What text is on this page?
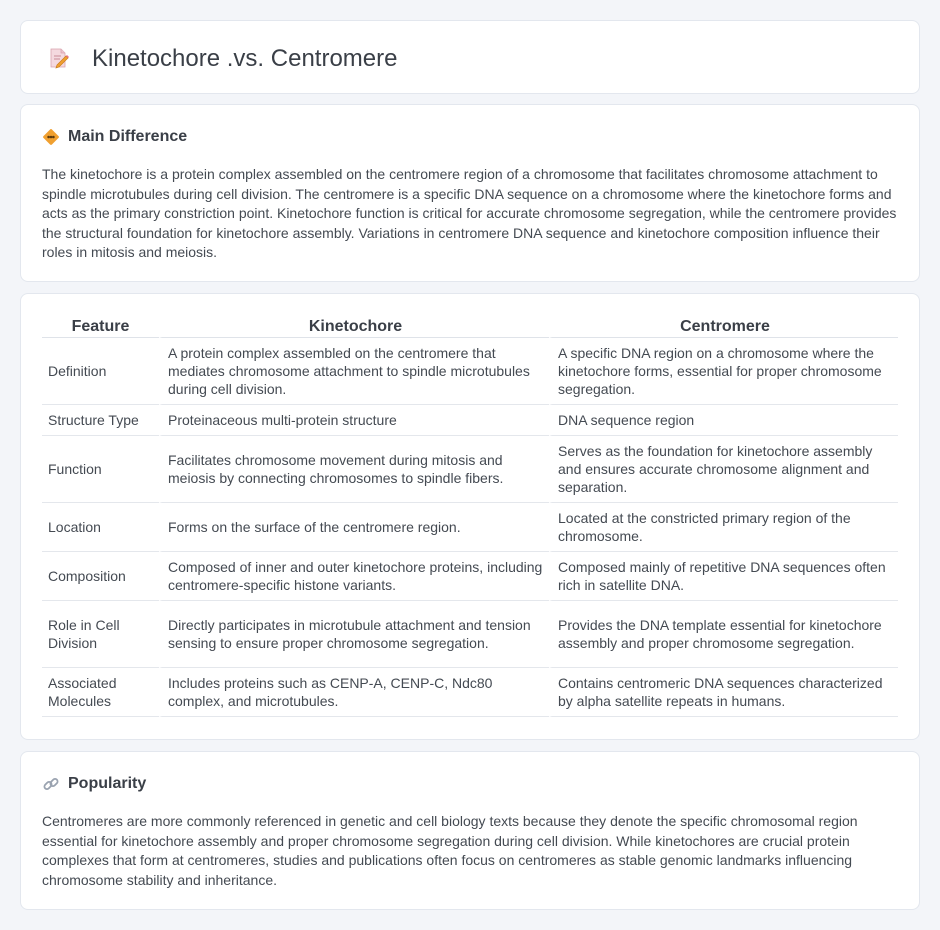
Kinetochore .vs. Centromere
Main Difference

The kinetochore is a protein complex assembled on the centromere region of a chromosome that facilitates chromosome attachment to spindle microtubules during cell division. The centromere is a specific DNA sequence on a chromosome where the kinetochore forms and acts as the primary constriction point. Kinetochore function is critical for accurate chromosome segregation, while the centromere provides the structural foundation for kinetochore assembly. Variations in centromere DNA sequence and kinetochore composition influence their roles in mitosis and meiosis.

Feature	Kinetochore	Centromere
Definition	A protein complex assembled on the centromere that mediates chromosome attachment to spindle microtubules during cell division.	A specific DNA region on a chromosome where the kinetochore forms, essential for proper chromosome segregation.
Structure Type	Proteinaceous multi-protein structure	DNA sequence region
Function	Facilitates chromosome movement during mitosis and meiosis by connecting chromosomes to spindle fibers.	Serves as the foundation for kinetochore assembly and ensures accurate chromosome alignment and separation.
Location	Forms on the surface of the centromere region.	Located at the constricted primary region of the chromosome.
Composition	Composed of inner and outer kinetochore proteins, including centromere-specific histone variants.	Composed mainly of repetitive DNA sequences often rich in satellite DNA.
Role in Cell Division	Directly participates in microtubule attachment and tension sensing to ensure proper chromosome segregation.	Provides the DNA template essential for kinetochore assembly and proper chromosome segregation.
Associated Molecules	Includes proteins such as CENP-A, CENP-C, Ndc80 complex, and microtubules.	Contains centromeric DNA sequences characterized by alpha satellite repeats in humans.
Popularity

Centromeres are more commonly referenced in genetic and cell biology texts because they denote the specific chromosomal region essential for kinetochore assembly and proper chromosome segregation during cell division. While kinetochores are crucial protein complexes that form at centromeres, studies and publications often focus on centromeres as stable genomic landmarks influencing chromosome stability and inheritance.
